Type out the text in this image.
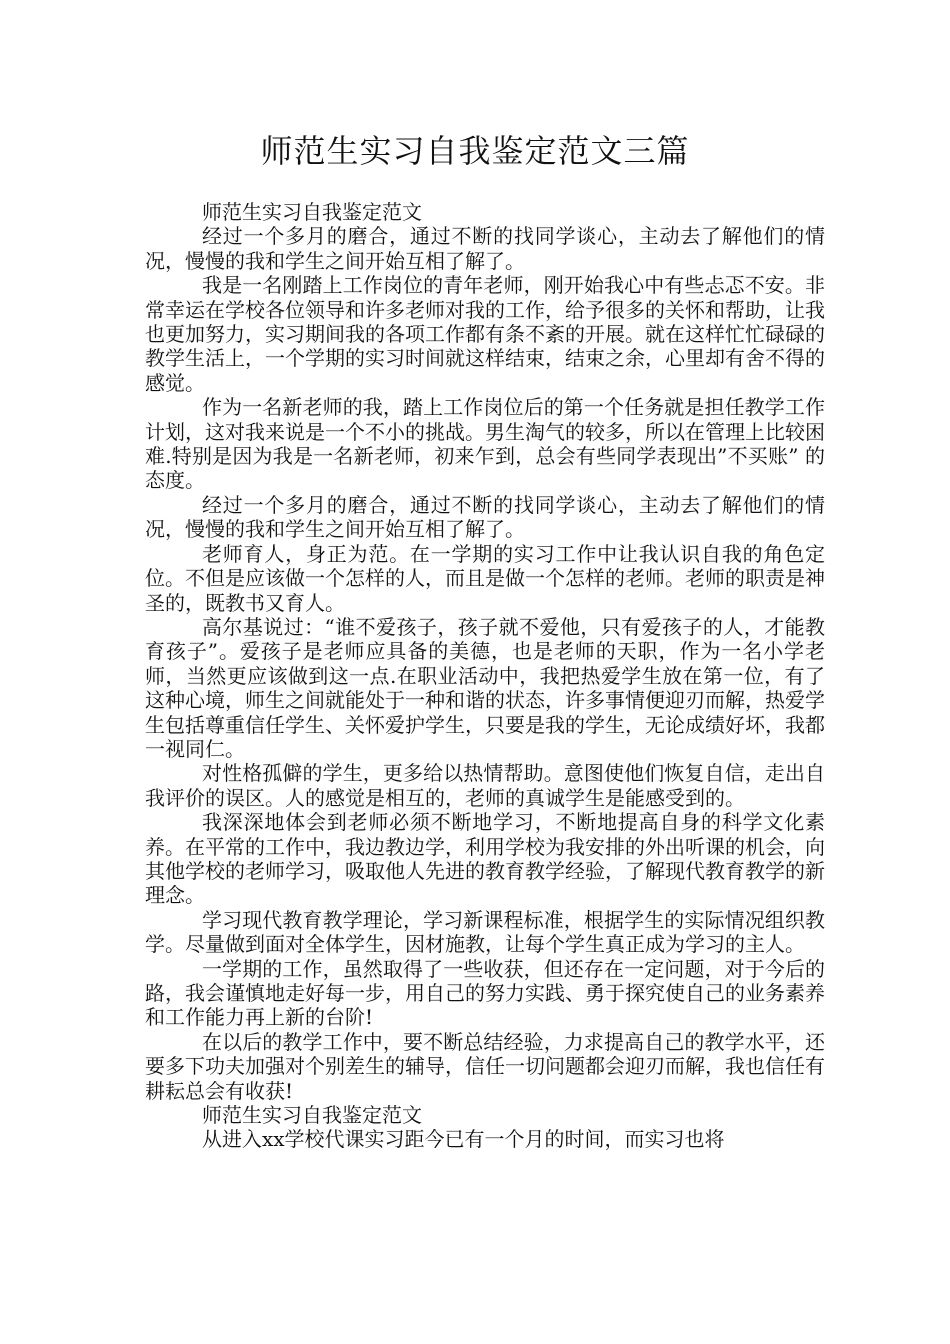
师范生实习自我鉴定范文三篇

师范生实习自我鉴定范文

经过一个多月的磨合，通过不断的找同学谈心，主动去了解他们的情况，慢慢的我和学生之间开始互相了解了。

我是一名刚踏上工作岗位的青年老师，刚开始我心中有些忐忑不安。非常幸运在学校各位领导和许多老师对我的工作，给予很多的关怀和帮助，让我也更加努力，实习期间我的各项工作都有条不紊的开展。就在这样忙忙碌碌的教学生活上，一个学期的实习时间就这样结束，结束之余，心里却有舍不得的感觉。

作为一名新老师的我，踏上工作岗位后的第一个任务就是担任教学工作计划，这对我来说是一个不小的挑战。男生淘气的较多，所以在管理上比较困难.特别是因为我是一名新老师，初来乍到，总会有些同学表现出”不买账” 的态度。

经过一个多月的磨合，通过不断的找同学谈心，主动去了解他们的情况，慢慢的我和学生之间开始互相了解了。

老师育人，身正为范。在一学期的实习工作中让我认识自我的角色定位。不但是应该做一个怎样的人，而且是做一个怎样的老师。老师的职责是神圣的，既教书又育人。

高尔基说过：“谁不爱孩子，孩子就不爱他，只有爱孩子的人，才能教育孩子”。爱孩子是老师应具备的美德，也是老师的天职，作为一名小学老师，当然更应该做到这一点.在职业活动中，我把热爱学生放在第一位，有了这种心境，师生之间就能处于一种和谐的状态，许多事情便迎刃而解，热爱学生包括尊重信任学生、关怀爱护学生，只要是我的学生，无论成绩好坏，我都一视同仁。

对性格孤僻的学生，更多给以热情帮助。意图使他们恢复自信，走出自我评价的误区。人的感觉是相互的，老师的真诚学生是能感受到的。

我深深地体会到老师必须不断地学习，不断地提高自身的科学文化素养。在平常的工作中，我边教边学，利用学校为我安排的外出听课的机会，向其他学校的老师学习，吸取他人先进的教育教学经验，了解现代教育教学的新理念。

学习现代教育教学理论，学习新课程标准，根据学生的实际情况组织教学。尽量做到面对全体学生，因材施教，让每个学生真正成为学习的主人。

一学期的工作，虽然取得了一些收获，但还存在一定问题，对于今后的路，我会谨慎地走好每一步，用自己的努力实践、勇于探究使自己的业务素养和工作能力再上新的台阶!

在以后的教学工作中，要不断总结经验，力求提高自己的教学水平，还要多下功夫加强对个别差生的辅导，信任一切问题都会迎刃而解，我也信任有耕耘总会有收获!

师范生实习自我鉴定范文

从进入xx学校代课实习距今已有一个月的时间，而实习也将
